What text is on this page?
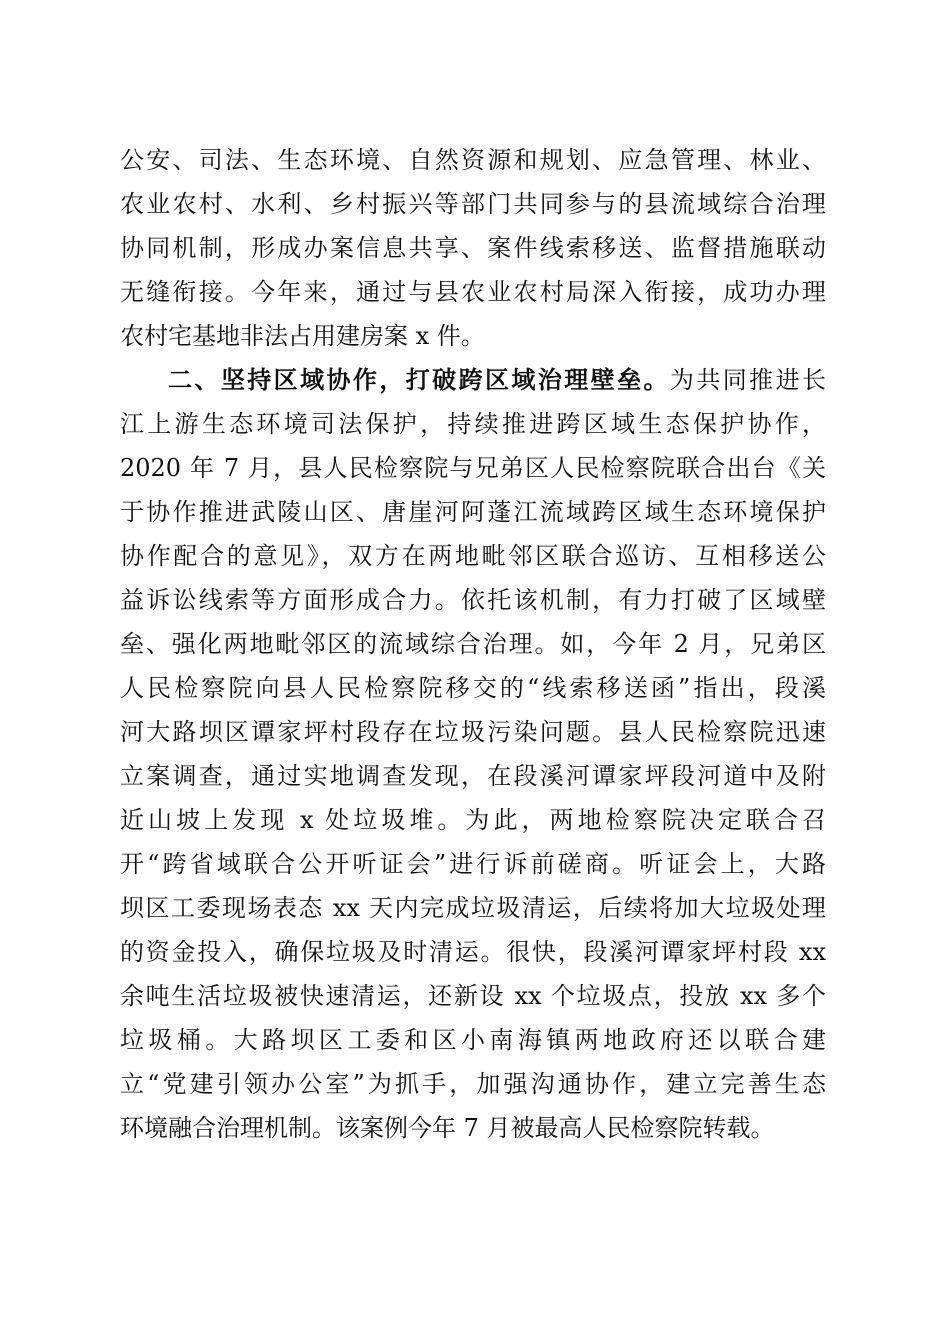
公安、司法、生态环境、自然资源和规划、应急管理、林业、
农业农村、水利、乡村振兴等部门共同参与的县流域综合治理
协同机制，形成办案信息共享、案件线索移送、监督措施联动
无缝衔接。今年来，通过与县农业农村局深入衔接，成功办理
农村宅基地非法占用建房案 x 件。
二、坚持区域协作，打破跨区域治理壁垒。为共同推进长
江上游生态环境司法保护，持续推进跨区域生态保护协作，
2020 年 7 月，县人民检察院与兄弟区人民检察院联合出台《关
于协作推进武陵山区、唐崖河阿蓬江流域跨区域生态环境保护
协作配合的意见》，双方在两地毗邻区联合巡访、互相移送公
益诉讼线索等方面形成合力。依托该机制，有力打破了区域壁
垒、强化两地毗邻区的流域综合治理。如，今年 2 月，兄弟区
人民检察院向县人民检察院移交的“线索移送函”指出，段溪
河大路坝区谭家坪村段存在垃圾污染问题。县人民检察院迅速
立案调查，通过实地调查发现，在段溪河谭家坪段河道中及附
近山坡上发现 x 处垃圾堆。为此，两地检察院决定联合召
开“跨省域联合公开听证会”进行诉前磋商。听证会上，大路
坝区工委现场表态 xx 天内完成垃圾清运，后续将加大垃圾处理
的资金投入，确保垃圾及时清运。很快，段溪河谭家坪村段 xx
余吨生活垃圾被快速清运，还新设 xx 个垃圾点，投放 xx 多个
垃圾桶。大路坝区工委和区小南海镇两地政府还以联合建
立“党建引领办公室”为抓手，加强沟通协作，建立完善生态
环境融合治理机制。该案例今年 7 月被最高人民检察院转载。
